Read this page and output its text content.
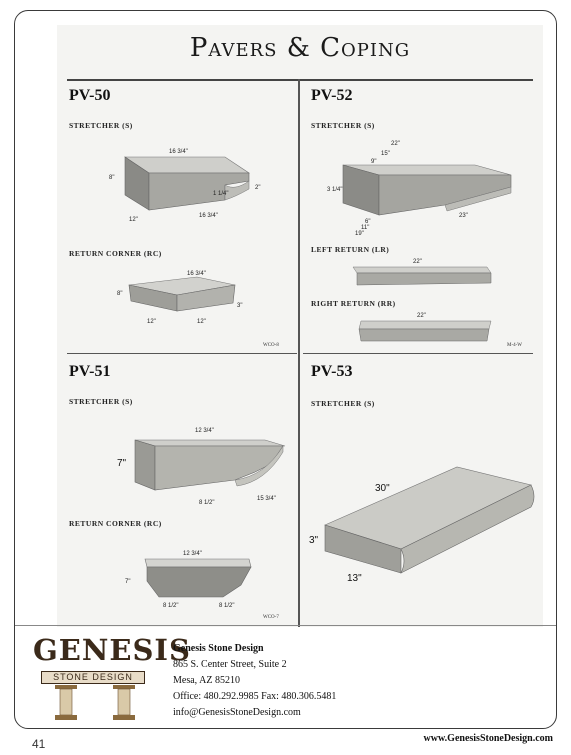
Pavers & Coping
PV-50
STRETCHER (S)
16 3/4"
8"
1 1/4"
2"
12"
16 3/4"
RETURN CORNER (RC)
16 3/4"
8"
3"
12"	12"
WCO-8
PV-52
STRETCHER (S)
22"
15"
9"
3 1/4"
6"
11"
19"
23"
LEFT RETURN (LR)
22"
RIGHT RETURN (RR)
22"
M-4-W
PV-51
STRETCHER (S)
12 3/4"
7"
8 1/2"
15 3/4"
RETURN CORNER (RC)
12 3/4"
7"
8 1/2"	8 1/2"
WCO-7
PV-53
STRETCHER (S)
30"
3"
13"
GENESIS
STONE DESIGN
Genesis Stone Design
865 S. Center Street, Suite 2
Mesa, AZ 85210
Office: 480.292.9985 Fax: 480.306.5481
info@GenesisStoneDesign.com
41	www.GenesisStoneDesign.com
